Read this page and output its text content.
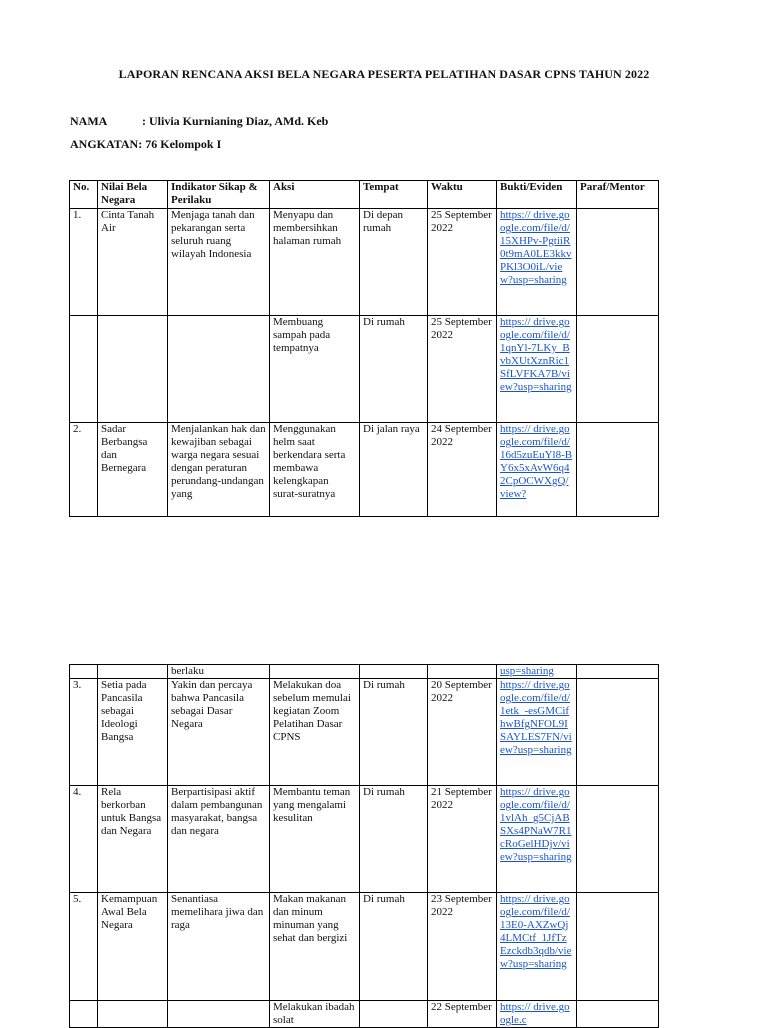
LAPORAN RENCANA AKSI BELA NEGARA PESERTA PELATIHAN DASAR CPNS TAHUN 2022
NAMA	: Ulivia Kurnianing Diaz, AMd. Keb
ANGKATAN: 76 Kelompok I
No.	Nilai Bela Negara	Indikator Sikap & Perilaku	Aksi	Tempat	Waktu	Bukti/Eviden	Paraf/Mentor
1.	Cinta Tanah Air	Menjaga tanah dan pekarangan serta seluruh ruang wilayah Indonesia	Menyapu dan membersihkan halaman rumah	Di depan rumah	25 September 2022	https:// drive.google.com/file/d/15XHPv-PgtiiR0t9mA0LE3kkvPKl3O0iL/view?usp=sharing	
			Membuang sampah pada tempatnya	Di rumah	25 September 2022	https:// drive.google.com/file/d/1qnYl-7LKy_BvbXUtXznRic1SfLVFKA7B/view?usp=sharing	
2.	Sadar Berbangsa dan Bernegara	Menjalankan hak dan kewajiban sebagai warga negara sesuai dengan peraturan perundang-undangan yang	Menggunakan helm saat berkendara serta membawa kelengkapan surat-suratnya	Di jalan raya	24 September 2022	https:// drive.google.com/file/d/16d5zuEuYl8-BY6x5xAvW6q42CpOCWXgQ/view?	
		berlaku				usp=sharing	
3.	Setia pada Pancasila sebagai Ideologi Bangsa	Yakin dan percaya bahwa Pancasila sebagai Dasar Negara	Melakukan doa sebelum memulai kegiatan Zoom Pelatihan Dasar CPNS	Di rumah	20 September 2022	https:// drive.google.com/file/d/1etk_-esGMCifhwBfgNFOL9ISAYLES7FN/view?usp=sharing	
4.	Rela berkorban untuk Bangsa dan Negara	Berpartisipasi aktif dalam pembangunan masyarakat, bangsa dan negara	Membantu teman yang mengalami kesulitan	Di rumah	21 September 2022	https:// drive.google.com/file/d/1vlAh_g5CjABSXs4PNaW7R1cRoGelHDjv/view?usp=sharing	
5.	Kemampuan Awal Bela Negara	Senantiasa memelihara jiwa dan raga	Makan makanan dan minum minuman yang sehat dan bergizi	Di rumah	23 September 2022	https:// drive.google.com/file/d/13E0-AXZwQj4LMCtf_1JfTzEzckdb3qdb/view?usp=sharing	
			Melakukan ibadah solat		22 September	https:// drive.google.c	
